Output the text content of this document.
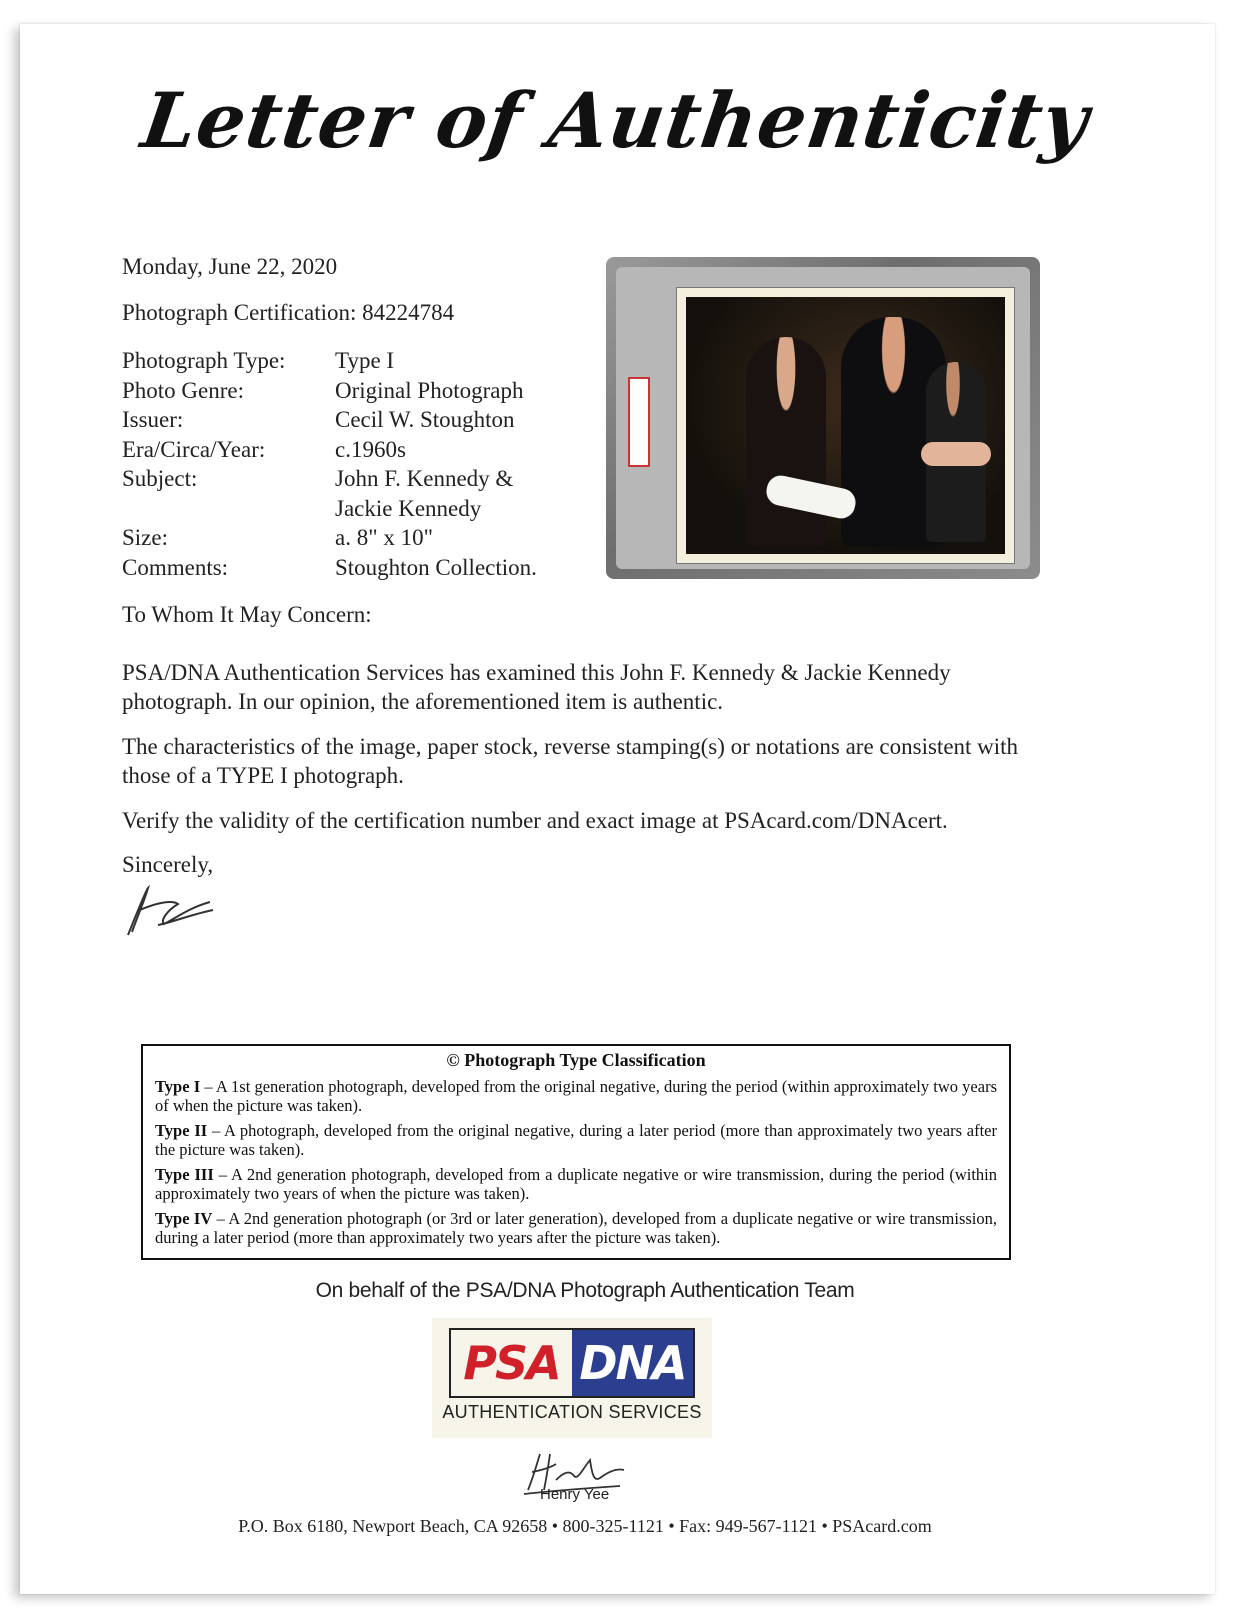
Letter of Authenticity
Monday, June 22, 2020
Photograph Certification: 84224784
Photograph Type:	Type I
Photo Genre:	Original Photograph
Issuer:	Cecil W. Stoughton
Era/Circa/Year:	c.1960s
Subject:	John F. Kennedy &
Jackie Kennedy
Size:	a. 8" x 10"
Comments:	Stoughton Collection.
To Whom It May Concern:
PSA/DNA Authentication Services has examined this John F. Kennedy & Jackie Kennedy photograph. In our opinion, the aforementioned item is authentic.
The characteristics of the image, paper stock, reverse stamping(s) or notations are consistent with those of a TYPE I photograph.
Verify the validity of the certification number and exact image at PSAcard.com/DNAcert.
Sincerely,
© Photograph Type Classification
Type I – A 1st generation photograph, developed from the original negative, during the period (within approximately two years of when the picture was taken).
Type II – A photograph, developed from the original negative, during a later period (more than approximately two years after the picture was taken).
Type III – A 2nd generation photograph, developed from a duplicate negative or wire transmission, during the period (within approximately two years of when the picture was taken).
Type IV – A 2nd generation photograph (or 3rd or later generation), developed from a duplicate negative or wire transmission, during a later period (more than approximately two years after the picture was taken).
On behalf of the PSA/DNA Photograph Authentication Team
PSA DNA
AUTHENTICATION SERVICES
Henry Yee
P.O. Box 6180, Newport Beach, CA 92658 • 800-325-1121 • Fax: 949-567-1121 • PSAcard.com
